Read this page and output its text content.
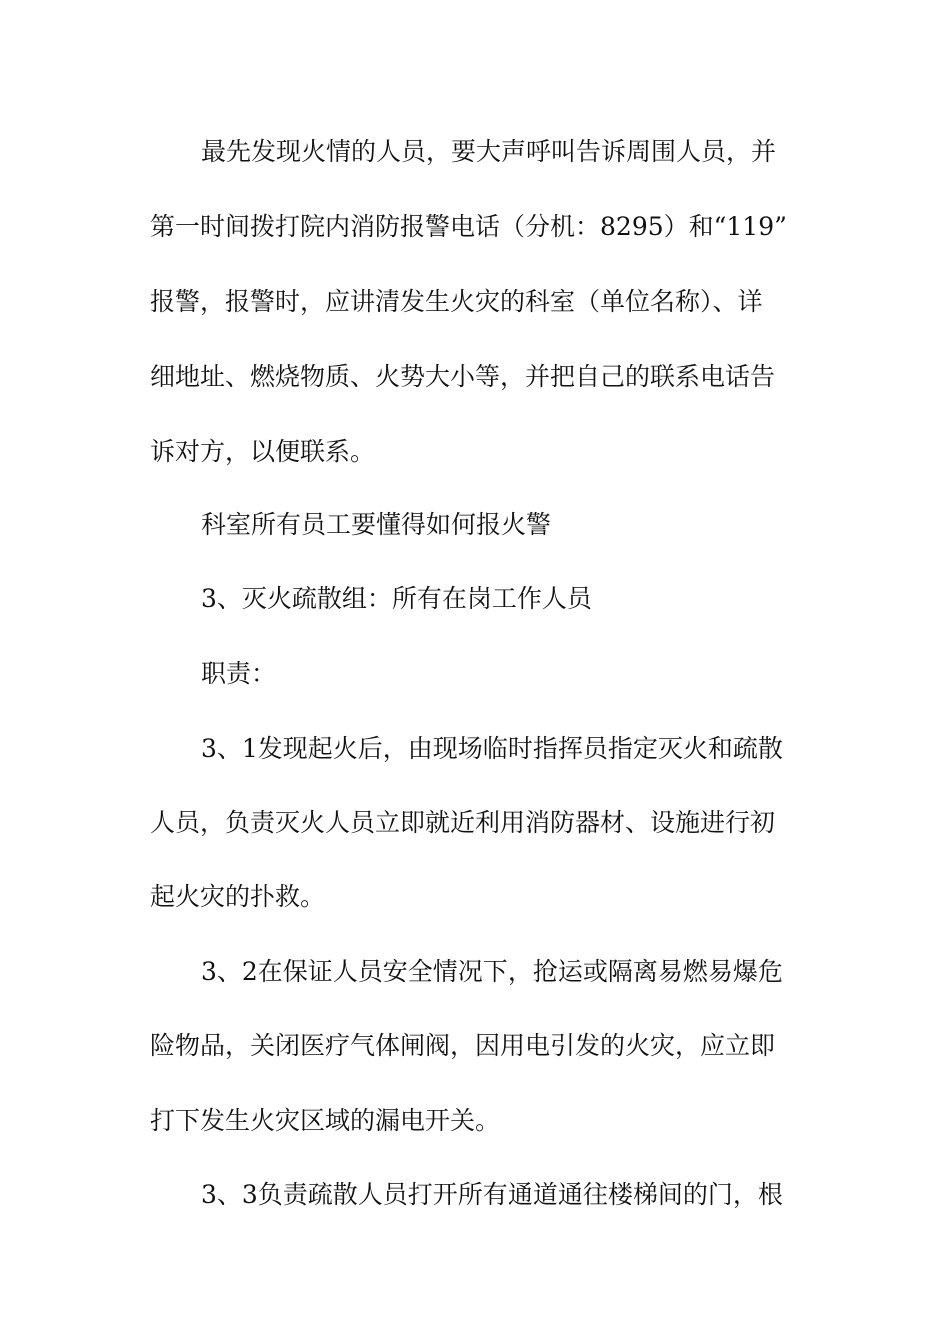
最先发现火情的人员，要大声呼叫告诉周围人员，并
第一时间拨打院内消防报警电话（分机：8295）和“119”
报警，报警时，应讲清发生火灾的科室（单位名称）、详
细地址、燃烧物质、火势大小等，并把自己的联系电话告
诉对方，以便联系。
科室所有员工要懂得如何报火警
3、灭火疏散组：所有在岗工作人员
职责：
3、1发现起火后，由现场临时指挥员指定灭火和疏散
人员，负责灭火人员立即就近利用消防器材、设施进行初
起火灾的扑救。
3、2在保证人员安全情况下，抢运或隔离易燃易爆危
险物品，关闭医疗气体闸阀，因用电引发的火灾，应立即
打下发生火灾区域的漏电开关。
3、3负责疏散人员打开所有通道通往楼梯间的门，根
